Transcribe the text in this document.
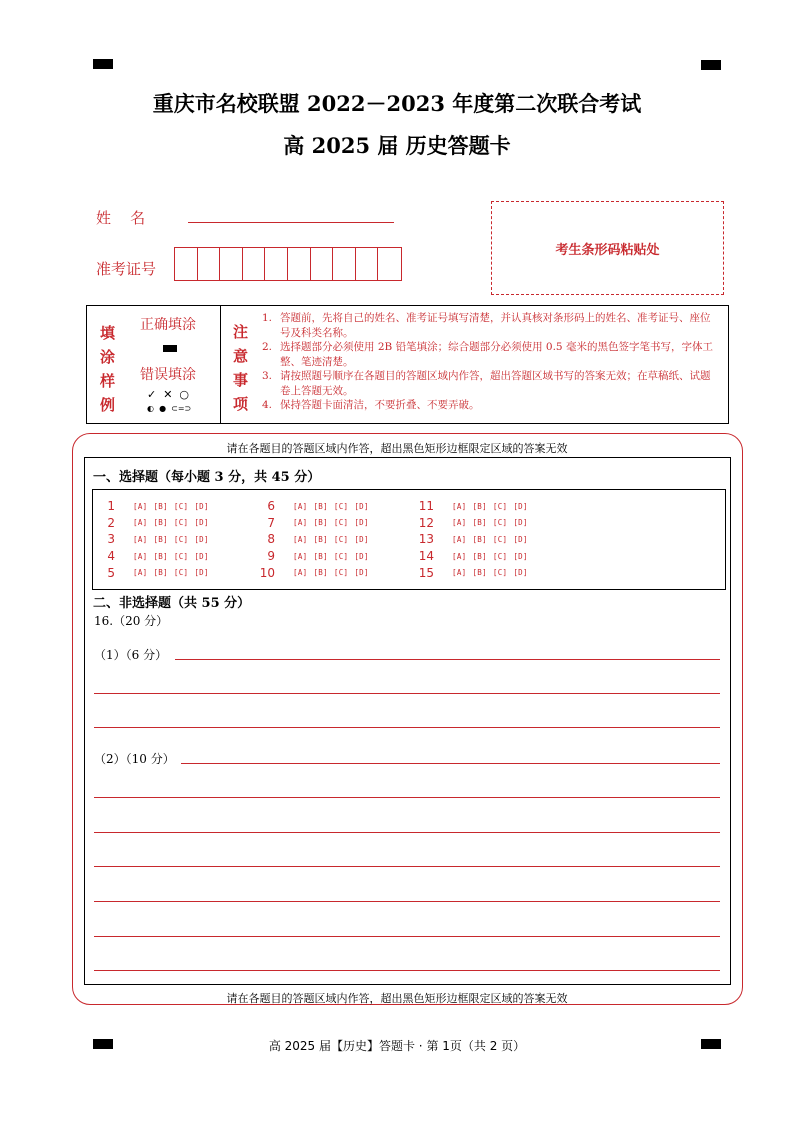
重庆市名校联盟 2022－2023 年度第二次联合考试
高 2025 届 历史答题卡
姓    名
准考证号
考生条形码粘贴处
填
涂
样
例
正确填涂
错误填涂
✓  ✕  ○
◐  ●  ⊂=⊃
注
意
事
项
1. 答题前，先将自己的姓名、准考证号填写清楚，并认真核对条形码上的姓名、准考证号、座位号及科类名称。
2. 选择题部分必须使用 2B 铅笔填涂；综合题部分必须使用 0.5 毫米的黑色签字笔书写，字体工整、笔迹清楚。
3. 请按照题号顺序在各题目的答题区域内作答，超出答题区域书写的答案无效；在草稿纸、试题卷上答题无效。
4. 保持答题卡面清洁，不要折叠、不要弄破。
请在各题目的答题区域内作答，超出黑色矩形边框限定区域的答案无效
一、选择题（每小题 3 分，共 45 分）
1 [A] [B] [C] [D]
2 [A] [B] [C] [D]
3 [A] [B] [C] [D]
4 [A] [B] [C] [D]
5 [A] [B] [C] [D]
6 [A] [B] [C] [D]
7 [A] [B] [C] [D]
8 [A] [B] [C] [D]
9 [A] [B] [C] [D]
10 [A] [B] [C] [D]
11 [A] [B] [C] [D]
12 [A] [B] [C] [D]
13 [A] [B] [C] [D]
14 [A] [B] [C] [D]
15 [A] [B] [C] [D]
二、非选择题（共 55 分）
16.（20 分）
（1）（6 分）
（2）（10 分）
请在各题目的答题区域内作答，超出黑色矩形边框限定区域的答案无效
高 2025 届【历史】答题卡 · 第 1页（共 2 页）
